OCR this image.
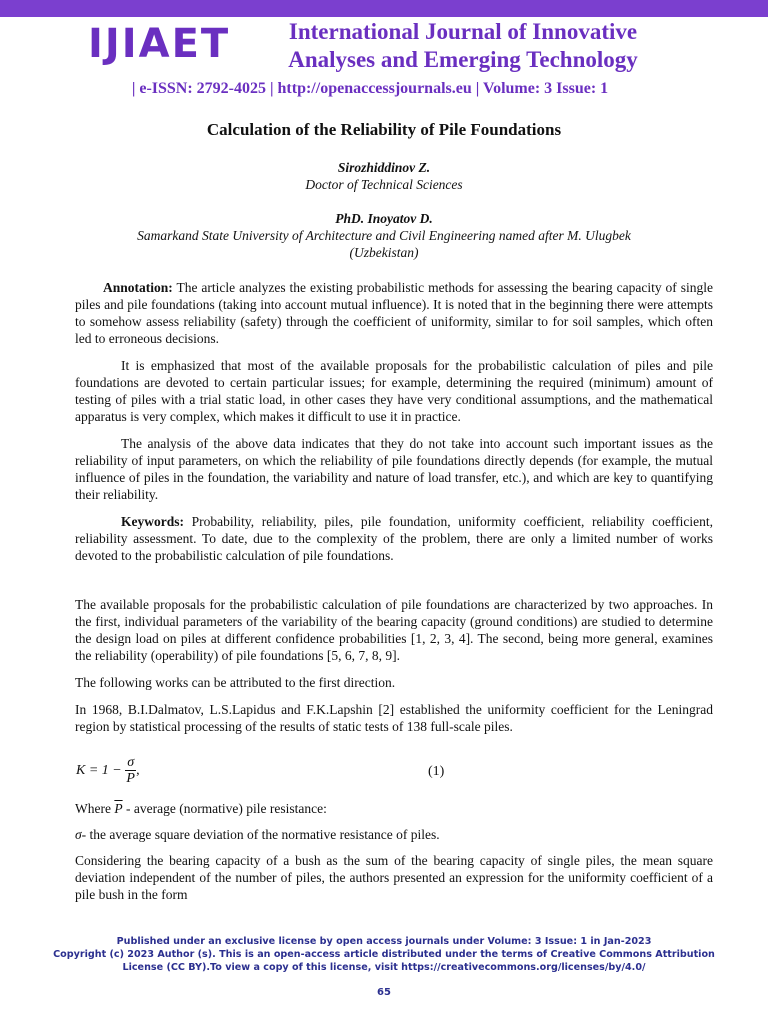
IJIAET	International Journal of Innovative
Analyses and Emerging Technology
| e-ISSN: 2792-4025 | http://openaccessjournals.eu | Volume: 3 Issue: 1
Calculation of the Reliability of Pile Foundations
Sirozhiddinov Z.
Doctor of Technical Sciences
PhD. Inoyatov D.
Samarkand State University of Architecture and Civil Engineering named after M. Ulugbek
(Uzbekistan)

Annotation: The article analyzes the existing probabilistic methods for assessing the bearing capacity of single piles and pile foundations (taking into account mutual influence). It is noted that in the beginning there were attempts to somehow assess reliability (safety) through the coefficient of uniformity, similar to for soil samples, which often led to erroneous decisions.

It is emphasized that most of the available proposals for the probabilistic calculation of piles and pile foundations are devoted to certain particular issues; for example, determining the required (minimum) amount of testing of piles with a trial static load, in other cases they have very conditional assumptions, and the mathematical apparatus is very complex, which makes it difficult to use it in practice.

The analysis of the above data indicates that they do not take into account such important issues as the reliability of input parameters, on which the reliability of pile foundations directly depends (for example, the mutual influence of piles in the foundation, the variability and nature of load transfer, etc.), and which are key to quantifying their reliability.

Keywords: Probability, reliability, piles, pile foundation, uniformity coefficient, reliability coefficient, reliability assessment. To date, due to the complexity of the problem, there are only a limited number of works devoted to the probabilistic calculation of pile foundations.

The available proposals for the probabilistic calculation of pile foundations are characterized by two approaches. In the first, individual parameters of the variability of the bearing capacity (ground conditions) are studied to determine the design load on piles at different confidence probabilities [1, 2, 3, 4]. The second, being more general, examines the reliability (operability) of pile foundations [5, 6, 7, 8, 9].

The following works can be attributed to the first direction.

In 1968, B.I.Dalmatov, L.S.Lapidus and F.K.Lapshin [2] established the uniformity coefficient for the Leningrad region by statistical processing of the results of static tests of 138 full-scale piles.

$K = 1 - \frac{\sigma}{P}$ ,	(1)

Where $\overline{P}$ - average (normative) pile resistance:

σ- the average square deviation of the normative resistance of piles.

Considering the bearing capacity of a bush as the sum of the bearing capacity of single piles, the mean square deviation independent of the number of piles, the authors presented an expression for the uniformity coefficient of a pile bush in the form

Published under an exclusive license by open access journals under Volume: 3 Issue: 1 in Jan-2023
Copyright (c) 2023 Author (s). This is an open-access article distributed under the terms of Creative Commons Attribution
License (CC BY).To view a copy of this license, visit https://creativecommons.org/licenses/by/4.0/
65
